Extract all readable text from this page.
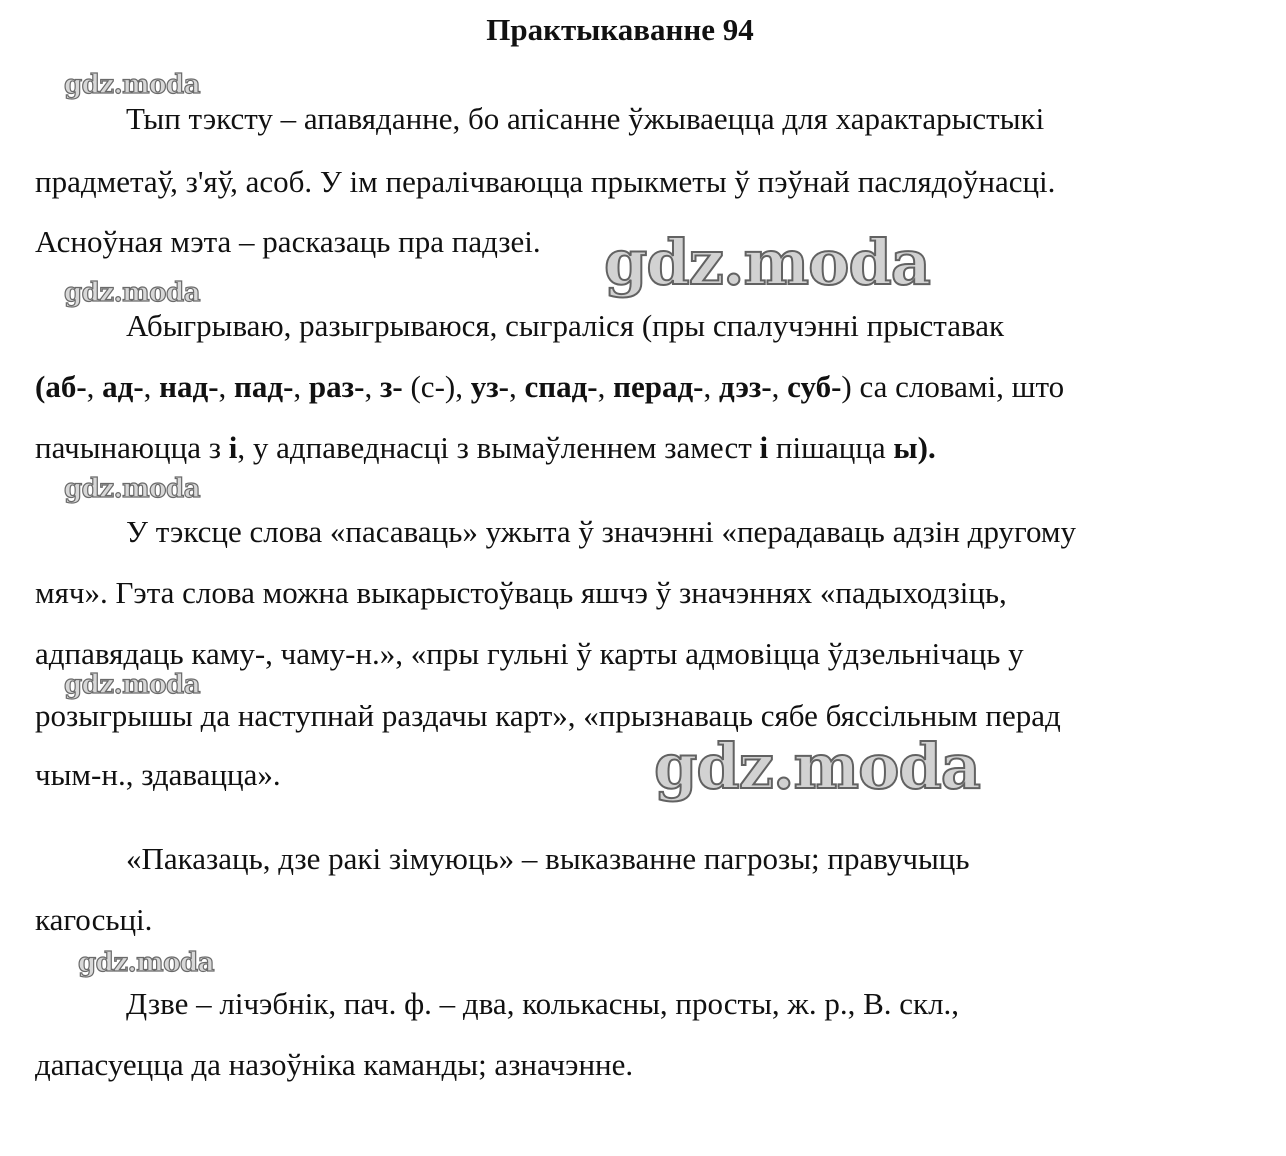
Практыкаванне 94
Тып тэксту – апавяданне, бо апісанне ўжываецца для характарыстыкі
прадметаў, з'яў, асоб. У ім пералічваюцца прыкметы ў пэўнай паслядоўнасці.
Асноўная мэта – расказаць пра падзеі.
Абыгрываю, разыгрываюся, сыграліся (пры спалучэнні прыставак
(аб-, ад-, над-, пад-, раз-, з- (с-), уз-, спад-, перад-, дэз-, суб-) са словамі, што
пачынаюцца з і, у адпаведнасці з вымаўленнем замест і пішацца ы).
У тэксце слова «пасаваць» ужыта ў значэнні «перадаваць адзін другому
мяч». Гэта слова можна выкарыстоўваць яшчэ ў значэннях «падыходзіць,
адпавядаць каму-, чаму-н.», «пры гульні ў карты адмовіцца ўдзельнічаць у
розыгрышы да наступнай раздачы карт», «прызнаваць сябе бяссільным перад
чым-н., здавацца».
«Паказаць, дзе ракі зімуюць» – выказванне пагрозы; правучыць
кагосьці.
Дзве – лічэбнік, пач. ф. – два, колькасны, просты, ж. р., В. скл.,
дапасуецца да назоўніка каманды; азначэнне.
gdz.moda
gdz.moda
gdz.moda
gdz.moda
gdz.moda
gdz.moda
gdz.moda
